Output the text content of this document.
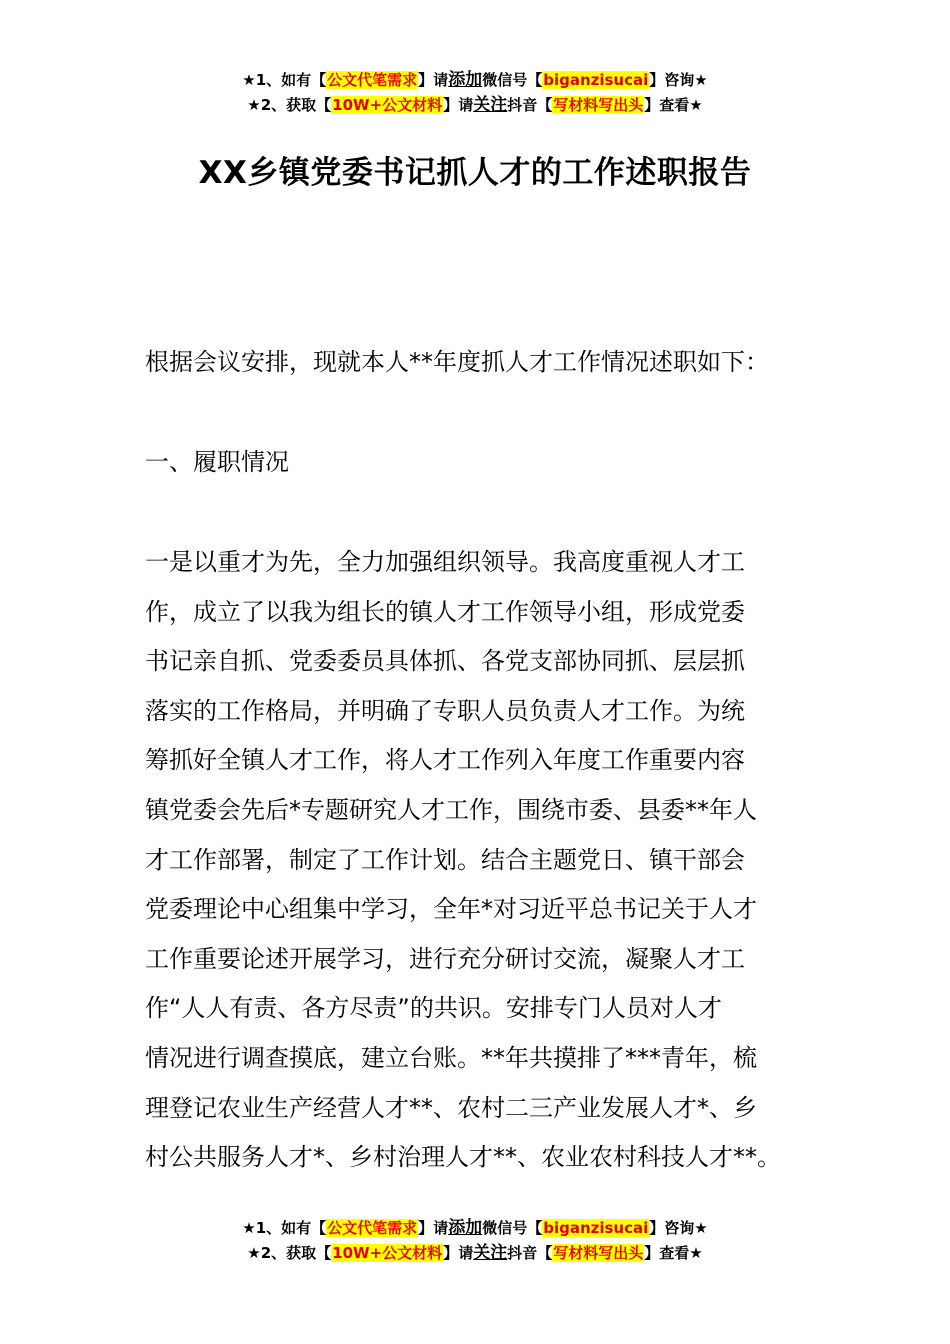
★1、如有【公文代笔需求】请添加微信号【biganzisucai】咨询★
★2、获取【10W+公文材料】请关注抖音【写材料写出头】查看★
XX乡镇党委书记抓人才的工作述职报告
根据会议安排，现就本人**年度抓人才工作情况述职如下：
一、履职情况
一是以重才为先，全力加强组织领导。我高度重视人才工
作，成立了以我为组长的镇人才工作领导小组，形成党委
书记亲自抓、党委委员具体抓、各党支部协同抓、层层抓
落实的工作格局，并明确了专职人员负责人才工作。为统
筹抓好全镇人才工作，将人才工作列入年度工作重要内容
镇党委会先后*专题研究人才工作，围绕市委、县委**年人
才工作部署，制定了工作计划。结合主题党日、镇干部会
党委理论中心组集中学习，全年*对习近平总书记关于人才
工作重要论述开展学习，进行充分研讨交流，凝聚人才工
作“人人有责、各方尽责”的共识。安排专门人员对人才
情况进行调查摸底，建立台账。**年共摸排了***青年，梳
理登记农业生产经营人才**、农村二三产业发展人才*、乡
村公共服务人才*、乡村治理人才**、农业农村科技人才**。
★1、如有【公文代笔需求】请添加微信号【biganzisucai】咨询★
★2、获取【10W+公文材料】请关注抖音【写材料写出头】查看★
